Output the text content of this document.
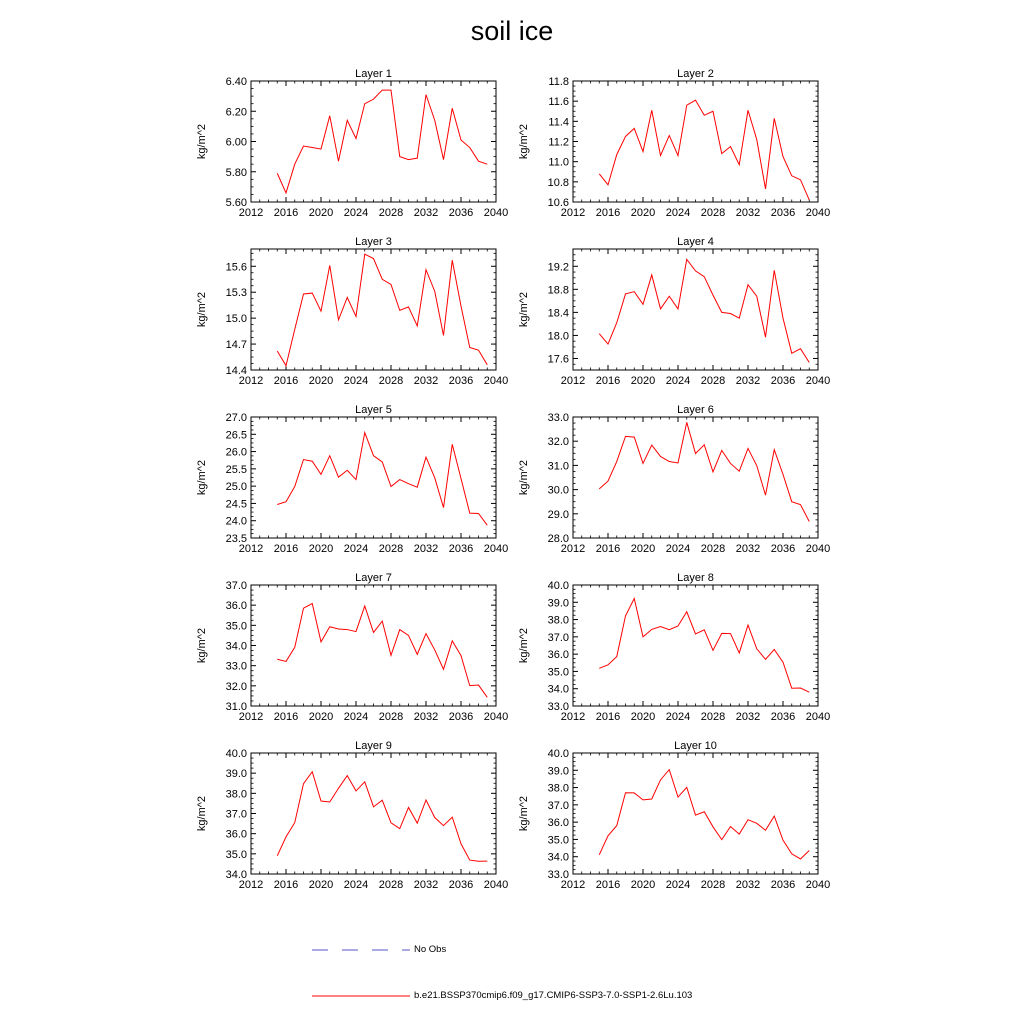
soil ice
Layer 1
kg/m^2
2012 2016 2020 2024 2028 2032 2036 2040
5.60
5.80
6.00
6.20
6.40
Layer 2
kg/m^2
2012 2016 2020 2024 2028 2032 2036 2040
10.6
10.8
11.0
11.2
11.4
11.6
11.8
Layer 3
kg/m^2
2012 2016 2020 2024 2028 2032 2036 2040
14.4
14.7
15.0
15.3
15.6
Layer 4
kg/m^2
2012 2016 2020 2024 2028 2032 2036 2040
17.6
18.0
18.4
18.8
19.2
Layer 5
kg/m^2
2012 2016 2020 2024 2028 2032 2036 2040
23.5
24.0
24.5
25.0
25.5
26.0
26.5
27.0
Layer 6
kg/m^2
2012 2016 2020 2024 2028 2032 2036 2040
28.0
29.0
30.0
31.0
32.0
33.0
Layer 7
kg/m^2
2012 2016 2020 2024 2028 2032 2036 2040
31.0
32.0
33.0
34.0
35.0
36.0
37.0
Layer 8
kg/m^2
2012 2016 2020 2024 2028 2032 2036 2040
33.0
34.0
35.0
36.0
37.0
38.0
39.0
40.0
Layer 9
kg/m^2
2012 2016 2020 2024 2028 2032 2036 2040
34.0
35.0
36.0
37.0
38.0
39.0
40.0
Layer 10
kg/m^2
2012 2016 2020 2024 2028 2032 2036 2040
33.0
34.0
35.0
36.0
37.0
38.0
39.0
40.0
No Obs
b.e21.BSSP370cmip6.f09_g17.CMIP6-SSP3-7.0-SSP1-2.6Lu.103
